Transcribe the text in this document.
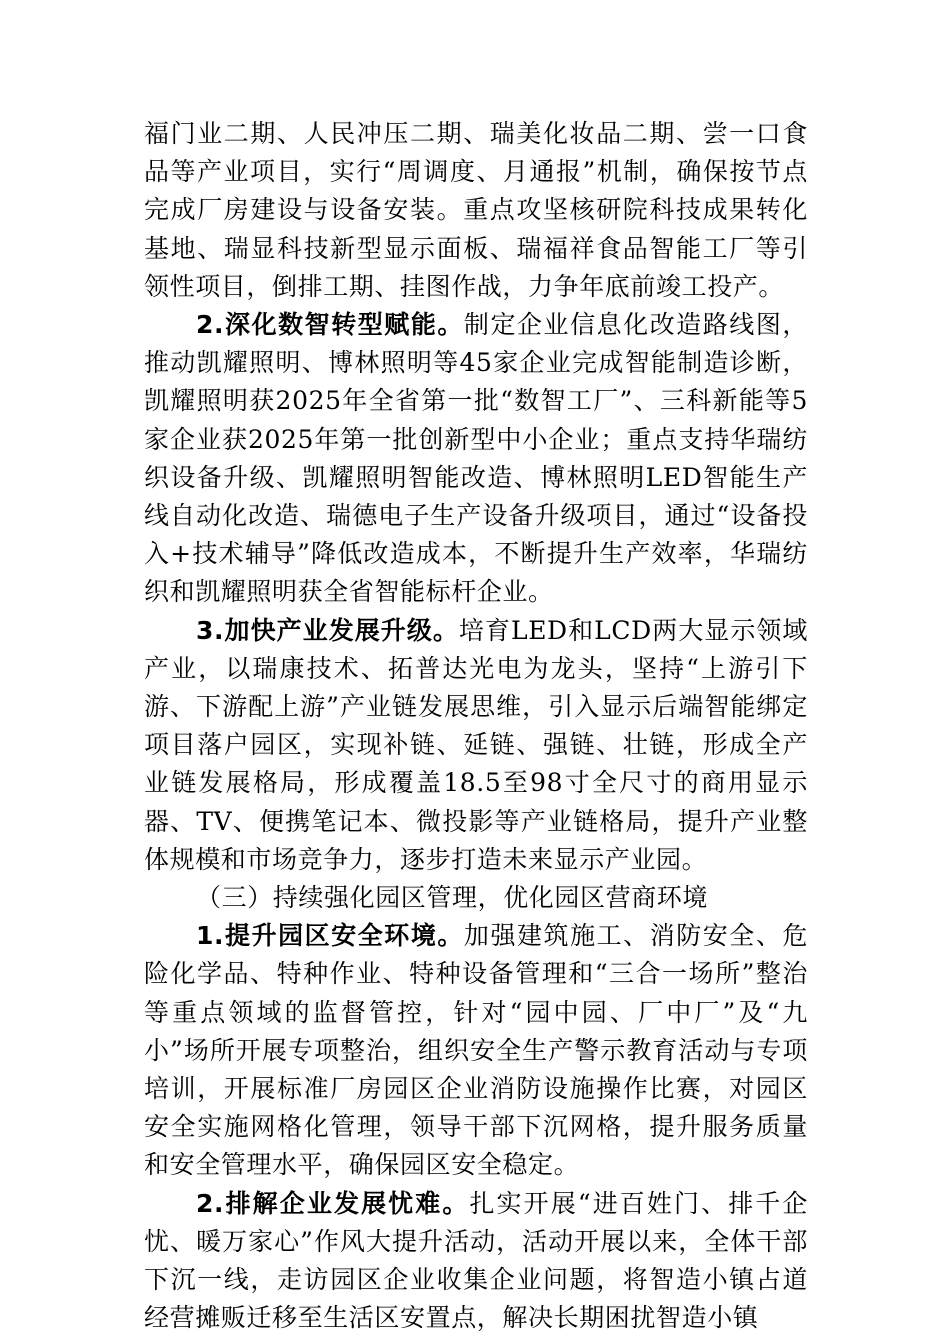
福门业二期、人民冲压二期、瑞美化妆品二期、尝一口食品等产业项目，实行“周调度、月通报”机制，确保按节点完成厂房建设与设备安装。重点攻坚核研院科技成果转化基地、瑞显科技新型显示面板、瑞福祥食品智能工厂等引领性项目，倒排工期、挂图作战，力争年底前竣工投产。

2.深化数智转型赋能。制定企业信息化改造路线图，推动凯耀照明、博林照明等45家企业完成智能制造诊断，凯耀照明获2025年全省第一批“数智工厂”、三科新能等5家企业获2025年第一批创新型中小企业；重点支持华瑞纺织设备升级、凯耀照明智能改造、博林照明LED智能生产线自动化改造、瑞德电子生产设备升级项目，通过“设备投入+技术辅导”降低改造成本，不断提升生产效率，华瑞纺织和凯耀照明获全省智能标杆企业。

3.加快产业发展升级。培育LED和LCD两大显示领域产业，以瑞康技术、拓普达光电为龙头，坚持“上游引下游、下游配上游”产业链发展思维，引入显示后端智能绑定项目落户园区，实现补链、延链、强链、壮链，形成全产业链发展格局，形成覆盖18.5至98寸全尺寸的商用显示器、TV、便携笔记本、微投影等产业链格局，提升产业整体规模和市场竞争力，逐步打造未来显示产业园。

（三）持续强化园区管理，优化园区营商环境

1.提升园区安全环境。加强建筑施工、消防安全、危险化学品、特种作业、特种设备管理和“三合一场所”整治等重点领域的监督管控，针对“园中园、厂中厂”及“九小”场所开展专项整治，组织安全生产警示教育活动与专项培训，开展标准厂房园区企业消防设施操作比赛，对园区安全实施网格化管理，领导干部下沉网格，提升服务质量和安全管理水平，确保园区安全稳定。

2.排解企业发展忧难。扎实开展“进百姓门、排千企忧、暖万家心”作风大提升活动，活动开展以来，全体干部下沉一线，走访园区企业收集企业问题，将智造小镇占道经营摊贩迁移至生活区安置点，解决长期困扰智造小镇
